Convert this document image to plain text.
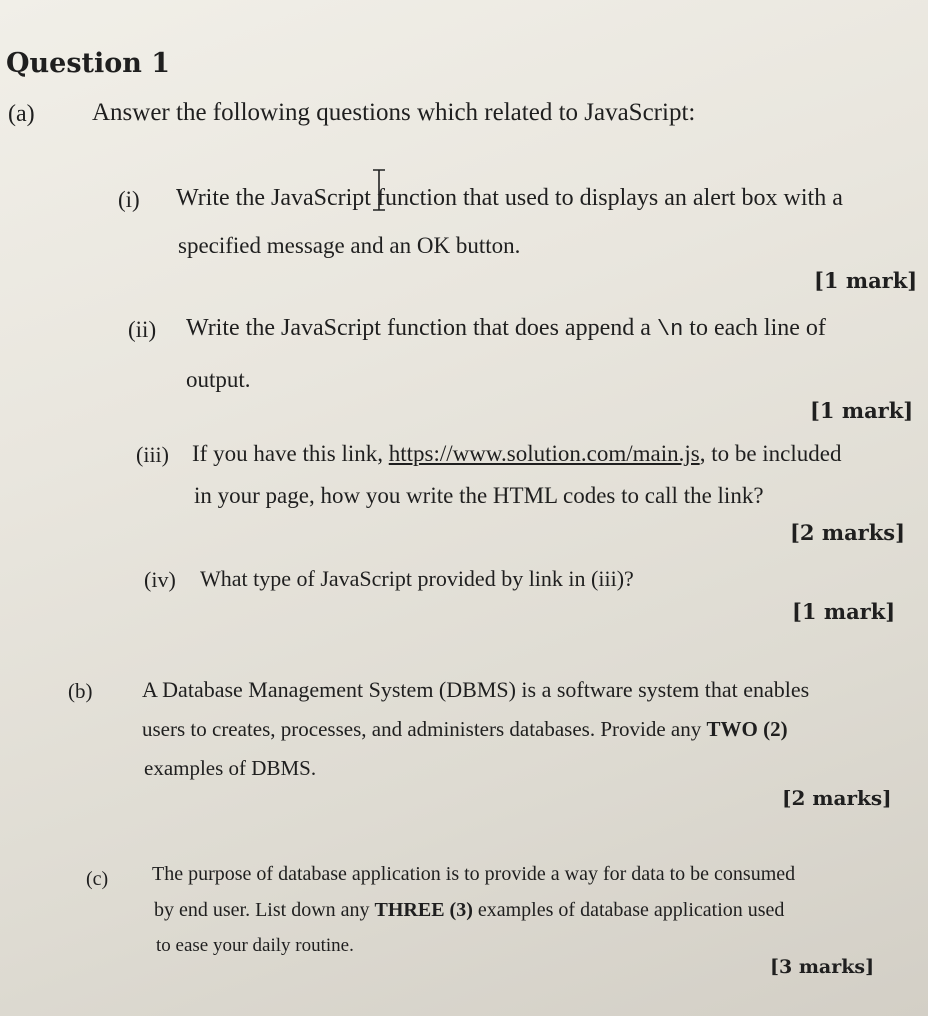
Question 1
(a) Answer the following questions which related to JavaScript:
(i) Write the JavaScript function that used to displays an alert box with a
specified message and an OK button.
[1 mark]
(ii) Write the JavaScript function that does append a \n to each line of
output.
[1 mark]
(iii) If you have this link, https://www.solution.com/main.js, to be included
in your page, how you write the HTML codes to call the link?
[2 marks]
(iv) What type of JavaScript provided by link in (iii)?
[1 mark]
(b) A Database Management System (DBMS) is a software system that enables
users to creates, processes, and administers databases. Provide any TWO (2)
examples of DBMS.
[2 marks]
(c) The purpose of database application is to provide a way for data to be consumed
by end user. List down any THREE (3) examples of database application used
to ease your daily routine.
[3 marks]
